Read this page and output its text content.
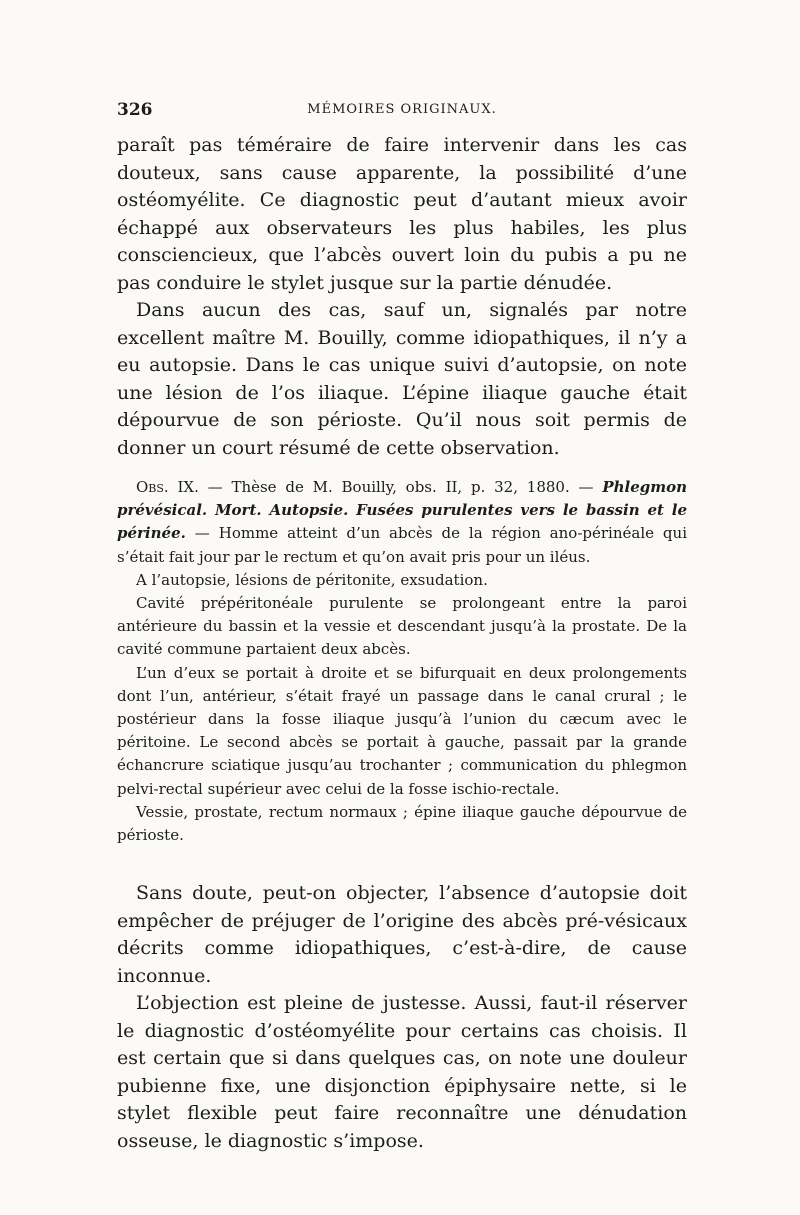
326	MÉMOIRES ORIGINAUX.

paraît pas téméraire de faire intervenir dans les cas douteux, sans cause apparente, la possibilité d’une ostéomyélite. Ce diagnostic peut d’autant mieux avoir échappé aux observateurs les plus habiles, les plus consciencieux, que l’abcès ouvert loin du pubis a pu ne pas conduire le stylet jusque sur la partie dénudée.

Dans aucun des cas, sauf un, signalés par notre excellent maître M. Bouilly, comme idiopathiques, il n’y a eu autopsie. Dans le cas unique suivi d’autopsie, on note une lésion de l’os iliaque. L’épine iliaque gauche était dépourvue de son périoste. Qu’il nous soit permis de donner un court résumé de cette observation.

Obs. IX. — Thèse de M. Bouilly, obs. II, p. 32, 1880. — Phlegmon prévésical. Mort. Autopsie. Fusées purulentes vers le bassin et le périnée. — Homme atteint d’un abcès de la région ano-périnéale qui s’était fait jour par le rectum et qu’on avait pris pour un iléus.

A l’autopsie, lésions de péritonite, exsudation.

Cavité prépéritonéale purulente se prolongeant entre la paroi antérieure du bassin et la vessie et descendant jusqu’à la prostate. De la cavité commune partaient deux abcès.

L’un d’eux se portait à droite et se bifurquait en deux prolongements dont l’un, antérieur, s’était frayé un passage dans le canal crural ; le postérieur dans la fosse iliaque jusqu’à l’union du cæcum avec le péritoine. Le second abcès se portait à gauche, passait par la grande échancrure sciatique jusqu’au trochanter ; communication du phlegmon pelvi-rectal supérieur avec celui de la fosse ischio-rectale.

Vessie, prostate, rectum normaux ; épine iliaque gauche dépourvue de périoste.

Sans doute, peut-on objecter, l’absence d’autopsie doit empêcher de préjuger de l’origine des abcès pré-vésicaux décrits comme idiopathiques, c’est-à-dire, de cause inconnue.

L’objection est pleine de justesse. Aussi, faut-il réserver le diagnostic d’ostéomyélite pour certains cas choisis. Il est certain que si dans quelques cas, on note une douleur pubienne fixe, une disjonction épiphysaire nette, si le stylet flexible peut faire reconnaître une dénudation osseuse, le diagnostic s’impose.
